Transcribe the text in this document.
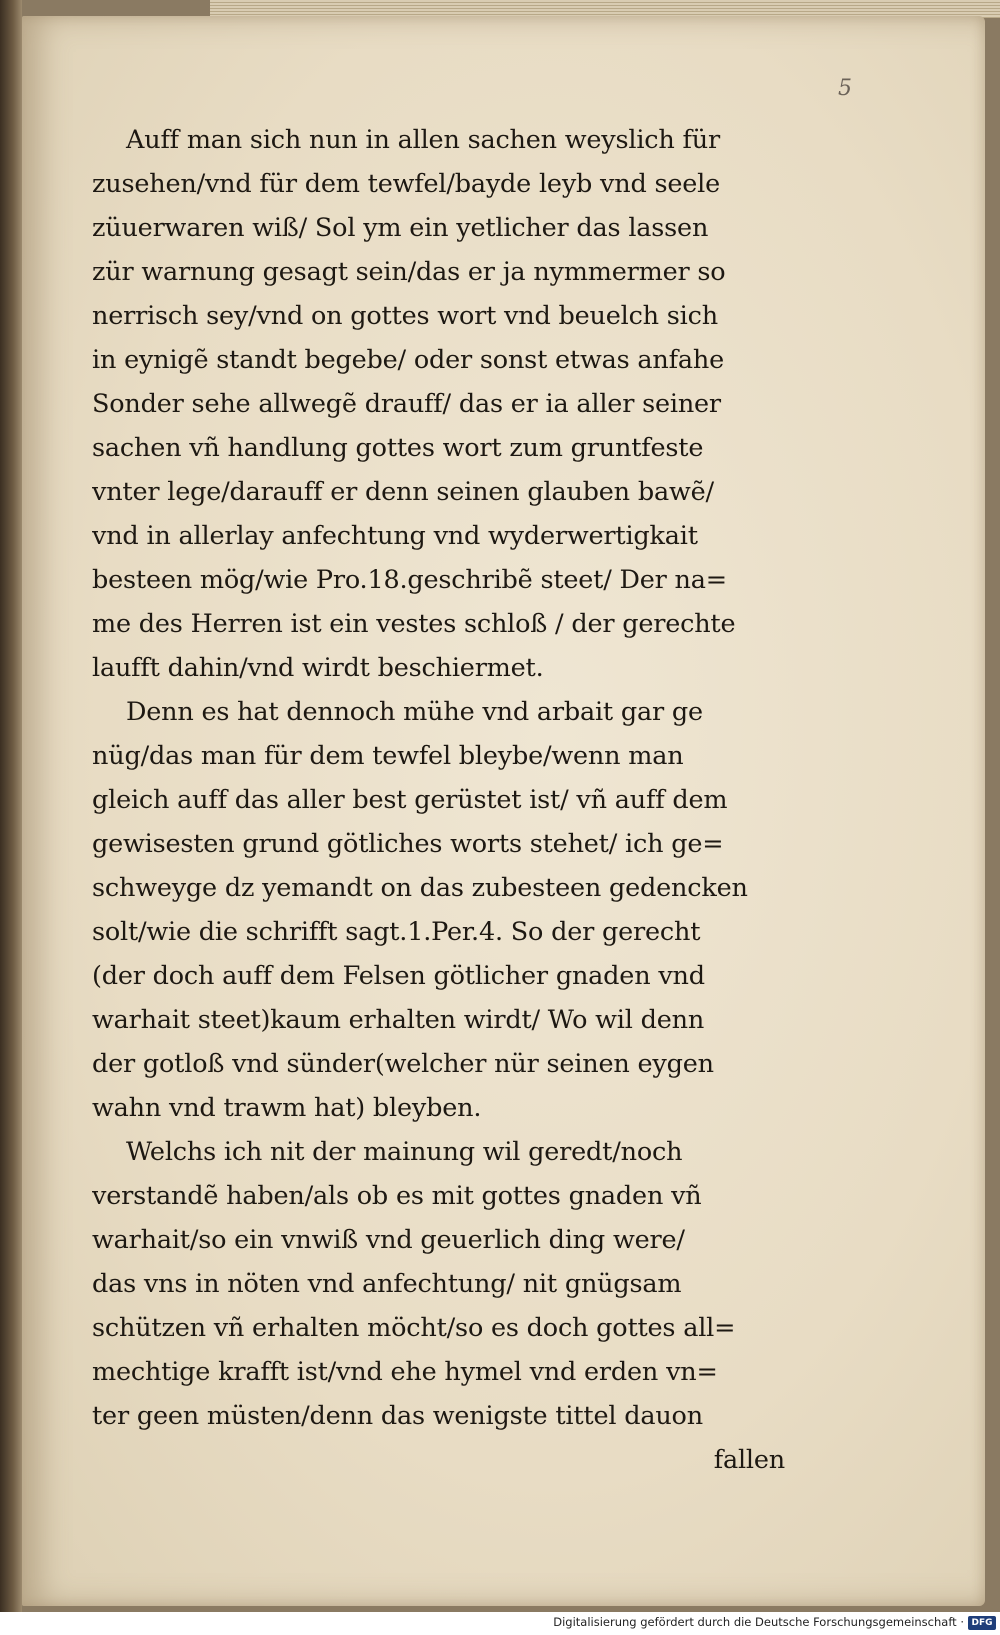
5
Auff man sich nun in allen sachen weyslich für
zusehen/vnd für dem tewfel/bayde leyb vnd seele
züuerwaren wiß/ Sol ym ein yetlicher das lassen
zür warnung gesagt sein/das er ja nymmermer so
nerrisch sey/vnd on gottes wort vnd beuelch sich
in eynigẽ standt begebe/ oder sonst etwas anfahe
Sonder sehe allwegẽ drauff/ das er ia aller seiner
sachen vñ handlung gottes wort zum gruntfeste
vnter lege/darauff er denn seinen glauben bawẽ/
vnd in allerlay anfechtung vnd wyderwertigkait
besteen mög/wie Pro.18.geschribẽ steet/ Der na=
me des Herren ist ein vestes schloß / der gerechte
laufft dahin/vnd wirdt beschiermet.
Denn es hat dennoch mühe vnd arbait gar ge
nüg/das man für dem tewfel bleybe/wenn man
gleich auff das aller best gerüstet ist/ vñ auff dem
gewisesten grund götliches worts stehet/ ich ge=
schweyge dz yemandt on das zubesteen gedencken
solt/wie die schrifft sagt.1.Per.4. So der gerecht
(der doch auff dem Felsen götlicher gnaden vnd
warhait steet)kaum erhalten wirdt/ Wo wil denn
der gotloß vnd sünder(welcher nür seinen eygen
wahn vnd trawm hat) bleyben.
Welchs ich nit der mainung wil geredt/noch
verstandẽ haben/als ob es mit gottes gnaden vñ
warhait/so ein vnwiß vnd geuerlich ding were/
das vns in nöten vnd anfechtung/ nit gnügsam
schützen vñ erhalten möcht/so es doch gottes all=
mechtige krafft ist/vnd ehe hymel vnd erden vn=
ter geen müsten/denn das wenigste tittel dauon
fallen
Digitalisierung gefördert durch die Deutsche Forschungsgemeinschaft · DFG
